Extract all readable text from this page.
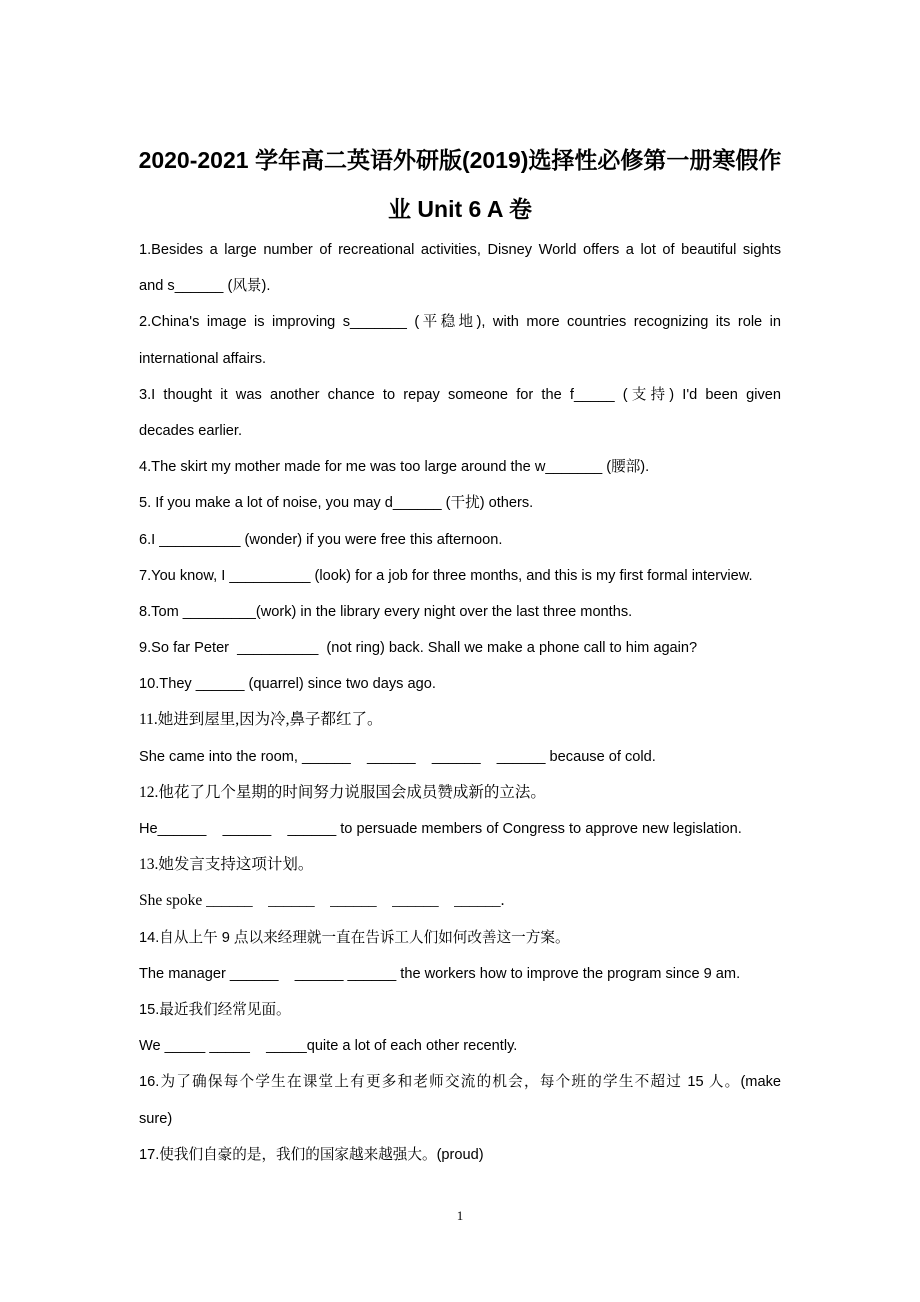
2020-2021 学年高二英语外研版(2019)选择性必修第一册寒假作
业 Unit 6 A 卷
1.Besides a large number of recreational activities, Disney World offers a lot of beautiful sights
and s______ (风景).
2.China's image is improving s_______ (平稳地), with more countries recognizing its role in
international affairs.
3.I thought it was another chance to repay someone for the f_____ (支持) I'd been given
decades earlier.
4.The skirt my mother made for me was too large around the w_______ (腰部).
5. If you make a lot of noise, you may d______ (干扰) others.
6.I __________ (wonder) if you were free this afternoon.
7.You know, I __________ (look) for a job for three months, and this is my first formal interview.
8.Tom _________(work) in the library every night over the last three months.
9.So far Peter  __________  (not ring) back. Shall we make a phone call to him again?
10.They ______ (quarrel) since two days ago.
11.她进到屋里,因为冷,鼻子都红了。
She came into the room, ______    ______    ______    ______ because of cold.
12.他花了几个星期的时间努力说服国会成员赞成新的立法。
He______    ______    ______ to persuade members of Congress to approve new legislation.
13.她发言支持这项计划。
She spoke ______    ______    ______    ______    ______.
14.自从上午 9 点以来经理就一直在告诉工人们如何改善这一方案。
The manager ______    ______ ______ the workers how to improve the program since 9 am.
15.最近我们经常见面。
We _____ _____    _____quite a lot of each other recently.
16.为了确保每个学生在课堂上有更多和老师交流的机会，每个班的学生不超过 15 人。(make
sure)
17.使我们自豪的是，我们的国家越来越强大。(proud)
1
